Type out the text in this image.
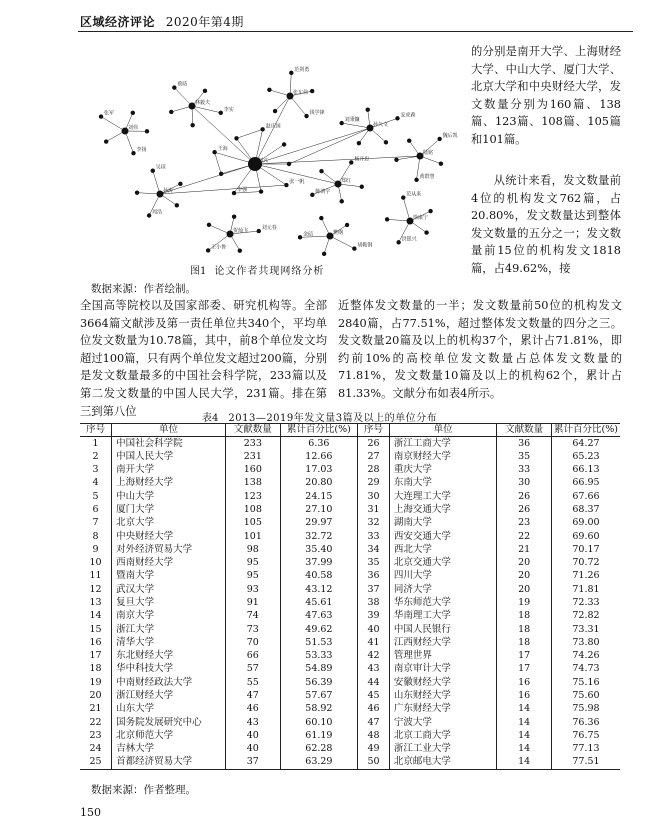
区域经济评论 2020年第4期
刘兴
张一帆
李强
王海
赵庆国
孙涛
周浩
吴琼
郑红
陈鸿宇
杨开忠
孙久文
刘秉镰
安虎森
林毅夫
蔡昉
李实
张车伟
范剑勇
钱学锋
陆铭
魏后凯
黄群慧
贺灿飞	刘元春
王小鲁
樊纲
胡鞍钢
金碚
刘伟
李扬
张军
徐康宁
洪银兴
范从来
图1 论文作者共现网络分析
数据来源：作者绘制。

全国高等院校以及国家部委、研究机构等。全部3664篇文献涉及第一责任单位共340个，平均单位发文数量为10.78篇，其中，前8个单位发文均超过100篇，只有两个单位发文超过200篇，分别是发文数量最多的中国社会科学院，233篇以及第二发文数量的中国人民大学，231篇。排在第三到第八位

的分别是南开大学、上海财经大学、中山大学、厦门大学、北京大学和中央财经大学，发文数量分别为160篇、138篇、123篇、108篇、105篇和101篇。

从统计来看，发文数量前4位的机构发文762篇，占20.80%，发文数量达到整体发文数量的五分之一；发文数量前15位的机构发文1818篇，占49.62%，接

近整体发文数量的一半；发文数量前50位的机构发文2840篇，占77.51%，超过整体发文数量的四分之三。发文数量20篇及以上的机构37个，累计占71.81%，即约前10%的高校单位发文数量占总体发文数量的71.81%，发文数量10篇及以上的机构62个，累计占81.33%。文献分布如表4所示。

表4 2013—2019年发文量3篇及以上的单位分布
序号	单位	文献数量	累计百分比(%)	序号	单位	文献数量	累计百分比(%)
1	中国社会科学院	233	6.36	26	浙江工商大学	36	64.27
2	中国人民大学	231	12.66	27	南京财经大学	35	65.23
3	南开大学	160	17.03	28	重庆大学	33	66.13
4	上海财经大学	138	20.80	29	东南大学	30	66.95
5	中山大学	123	24.15	30	大连理工大学	26	67.66
6	厦门大学	108	27.10	31	上海交通大学	26	68.37
7	北京大学	105	29.97	32	湖南大学	23	69.00
8	中央财经大学	101	32.72	33	西安交通大学	22	69.60
9	对外经济贸易大学	98	35.40	34	西北大学	21	70.17
10	西南财经大学	95	37.99	35	北京交通大学	20	70.72
11	暨南大学	95	40.58	36	四川大学	20	71.26
12	武汉大学	93	43.12	37	同济大学	20	71.81
13	复旦大学	91	45.61	38	华东师范大学	19	72.33
14	南京大学	74	47.63	39	华南理工大学	18	72.82
15	浙江大学	73	49.62	40	中国人民银行	18	73.31
16	清华大学	70	51.53	41	江西财经大学	18	73.80
17	东北财经大学	66	53.33	42	管理世界	17	74.26
18	华中科技大学	57	54.89	43	南京审计大学	17	74.73
19	中南财经政法大学	55	56.39	44	安徽财经大学	16	75.16
20	浙江财经大学	47	57.67	45	山东财经大学	16	75.60
21	山东大学	46	58.92	46	广东财经大学	14	75.98
22	国务院发展研究中心	43	60.10	47	宁波大学	14	76.36
23	北京师范大学	40	61.19	48	北京工商大学	14	76.75
24	吉林大学	40	62.28	49	浙江工业大学	14	77.13
25	首都经济贸易大学	37	63.29	50	北京邮电大学	14	77.51
数据来源：作者整理。
150
